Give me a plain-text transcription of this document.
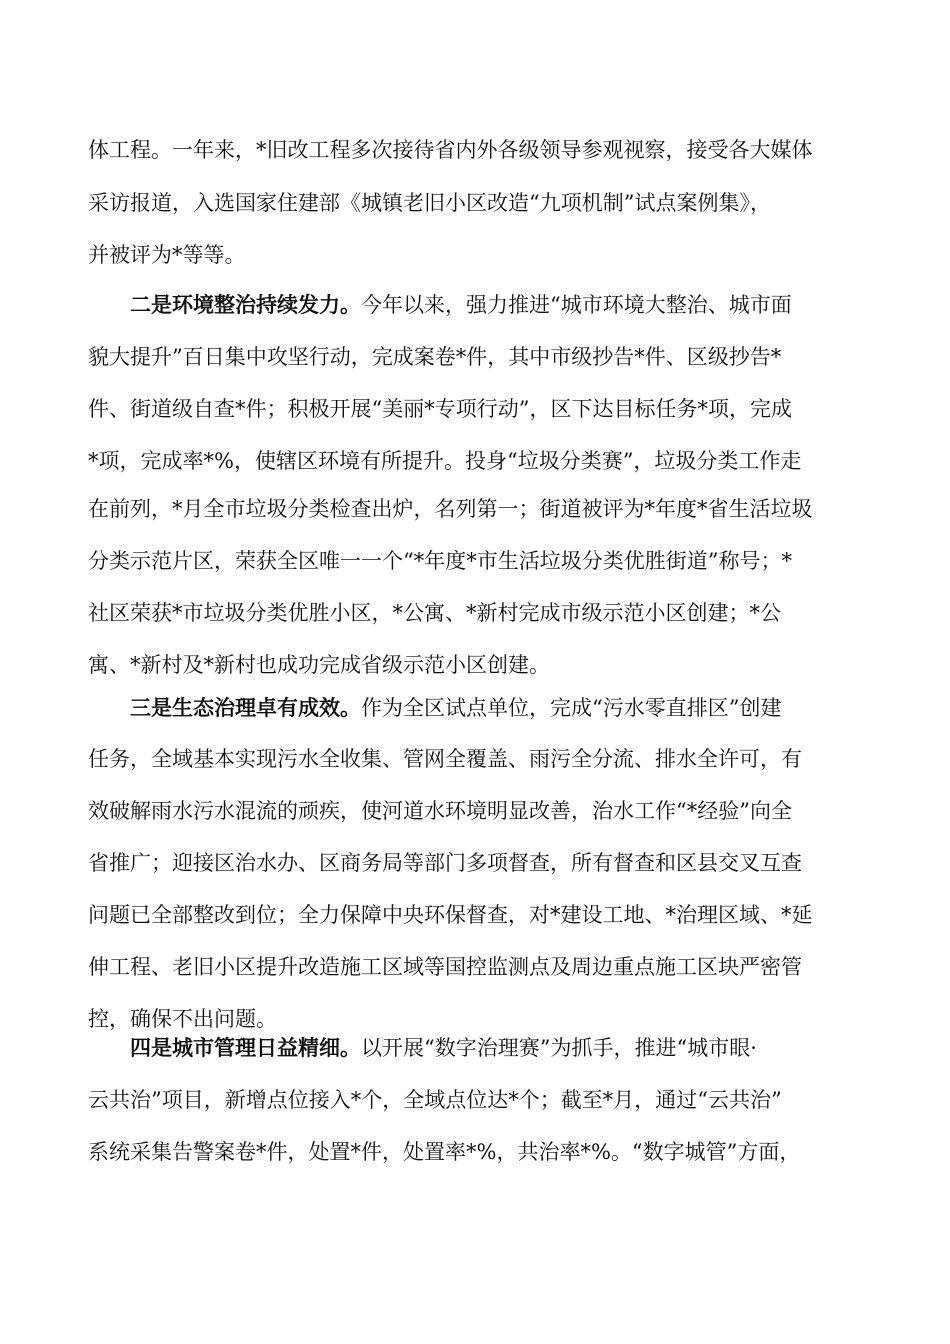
体工程。一年来，*旧改工程多次接待省内外各级领导参观视察，接受各大媒体
采访报道，入选国家住建部《城镇老旧小区改造“九项机制”试点案例集》，
并被评为*等等。
二是环境整治持续发力。今年以来，强力推进“城市环境大整治、城市面
貌大提升”百日集中攻坚行动，完成案卷*件，其中市级抄告*件、区级抄告*
件、街道级自查*件；积极开展“美丽*专项行动”，区下达目标任务*项，完成
*项，完成率*%，使辖区环境有所提升。投身“垃圾分类赛”，垃圾分类工作走
在前列，*月全市垃圾分类检查出炉，名列第一；街道被评为*年度*省生活垃圾
分类示范片区，荣获全区唯一一个“*年度*市生活垃圾分类优胜街道”称号；*
社区荣获*市垃圾分类优胜小区，*公寓、*新村完成市级示范小区创建；*公
寓、*新村及*新村也成功完成省级示范小区创建。
三是生态治理卓有成效。作为全区试点单位，完成“污水零直排区”创建
任务，全域基本实现污水全收集、管网全覆盖、雨污全分流、排水全许可，有
效破解雨水污水混流的顽疾，使河道水环境明显改善，治水工作“*经验”向全
省推广；迎接区治水办、区商务局等部门多项督查，所有督查和区县交叉互查
问题已全部整改到位；全力保障中央环保督查，对*建设工地、*治理区域、*延
伸工程、老旧小区提升改造施工区域等国控监测点及周边重点施工区块严密管
控，确保不出问题。
四是城市管理日益精细。以开展“数字治理赛”为抓手，推进“城市眼·
云共治”项目，新增点位接入*个，全域点位达*个；截至*月，通过“云共治”
系统采集告警案卷*件，处置*件，处置率*%，共治率*%。“数字城管”方面，
